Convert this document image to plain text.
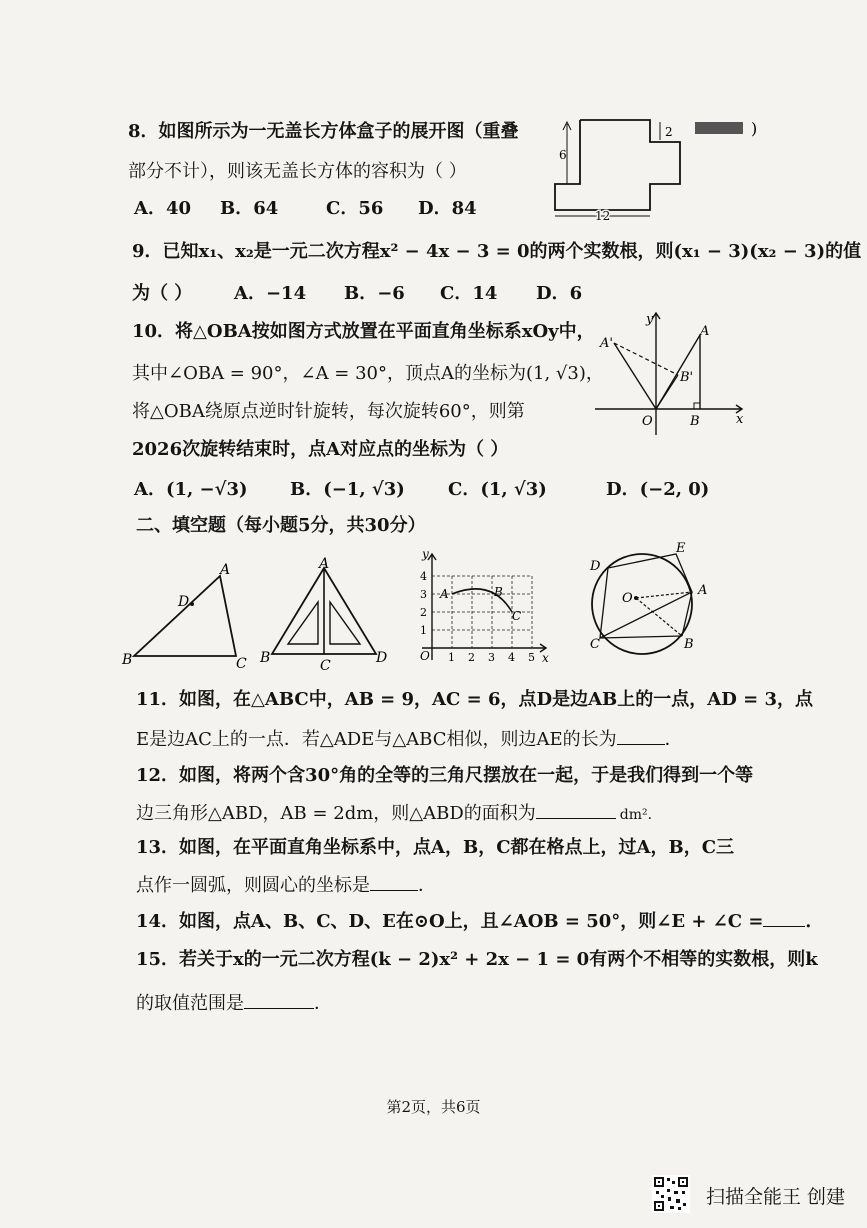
8．如图所示为一无盖长方体盒子的展开图（重叠
部分不计），则该无盖长方体的容积为（ ）
A．40 B．64	C．56 D．84
6
2
12
)
9．已知x₁、x₂是一元二次方程x² − 4x − 3 = 0的两个实数根，则(x₁ − 3)(x₂ − 3)的值
为（ ） A．−14 B．−6 C．14 D．6
10．将△OBA按如图方式放置在平面直角坐标系xOy中，
其中∠OBA = 90°，∠A = 30°，顶点A的坐标为(1, √3)，
将△OBA绕原点逆时针旋转，每次旋转60°，则第
2026次旋转结束时，点A对应点的坐标为（ ）
A．(1, −√3) B．(−1, √3) C．(1, √3)	D．(−2, 0)
y
x
O	B
A
A'
B'
二、填空题（每小题5分，共30分）
A
B	C
D
A
B	C	D
y
x
O 1 2 3 4 5
1
2
3
4
A	B
C
O
A
B
C
D
E
11．如图，在△ABC中，AB = 9，AC = 6，点D是边AB上的一点，AD = 3，点
E是边AC上的一点．若△ADE与△ABC相似，则边AE的长为	．
12．如图，将两个含30°角的全等的三角尺摆放在一起，于是我们得到一个等
边三角形△ABD，AB = 2dm，则△ABD的面积为	dm²．
13．如图，在平面直角坐标系中，点A，B，C都在格点上，过A，B，C三
点作一圆弧，则圆心的坐标是	．
14．如图，点A、B、C、D、E在⊙O上，且∠AOB = 50°，则∠E + ∠C = ．
15．若关于x的一元二次方程(k − 2)x² + 2x − 1 = 0有两个不相等的实数根，则k
的取值范围是	．
第2页，共6页
扫描全能王 创建
